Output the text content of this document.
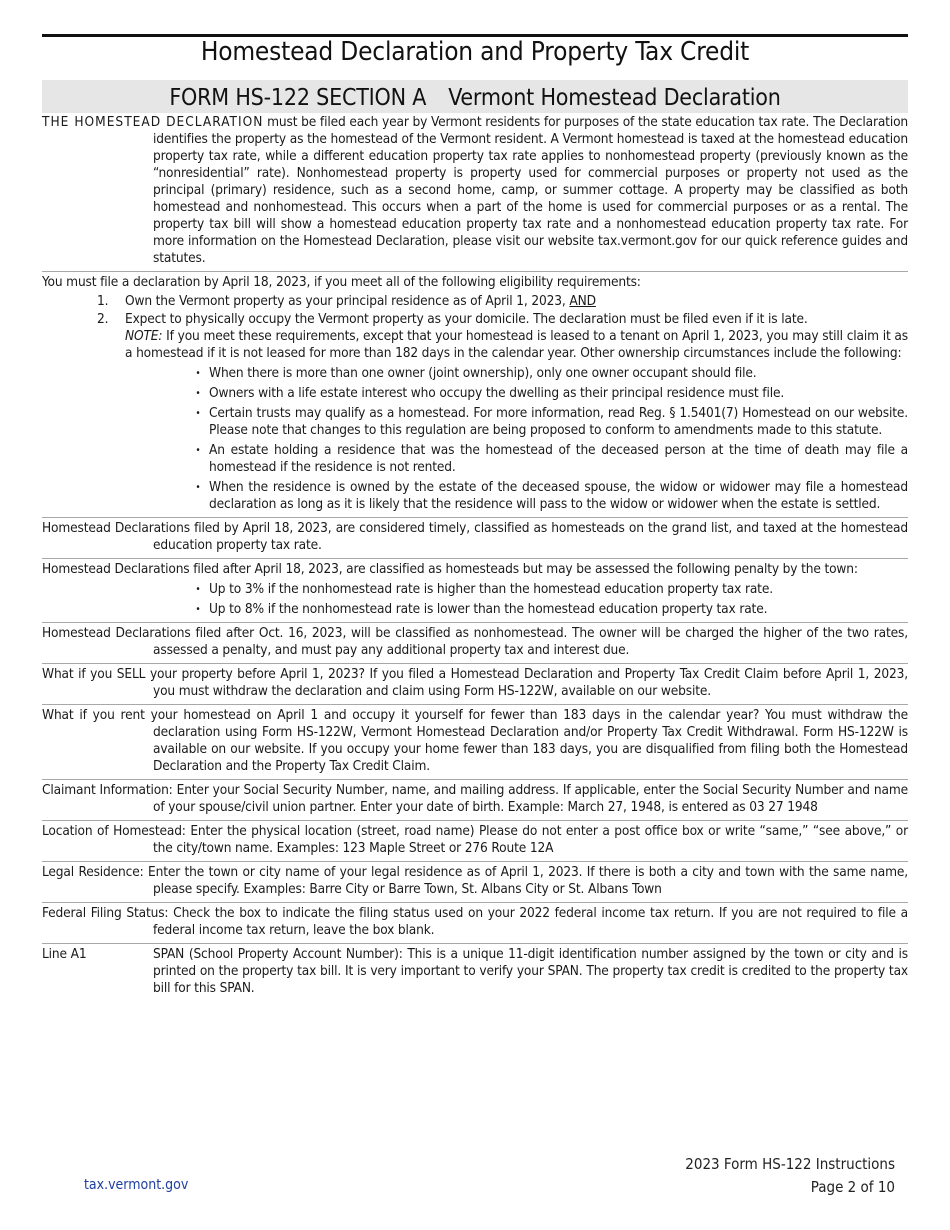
Homestead Declaration and Property Tax Credit
FORM HS-122 SECTION A Vermont Homestead Declaration
THE HOMESTEAD DECLARATION must be filed each year by Vermont residents for purposes of the state education tax rate. The Declaration identifies the property as the homestead of the Vermont resident. A Vermont homestead is taxed at the homestead education property tax rate, while a different education property tax rate applies to nonhomestead property (previously known as the “nonresidential” rate). Nonhomestead property is property used for commercial purposes or property not used as the principal (primary) residence, such as a second home, camp, or summer cottage. A property may be classified as both homestead and nonhomestead. This occurs when a part of the home is used for commercial purposes or as a rental. The property tax bill will show a homestead education property tax rate and a nonhomestead education property tax rate. For more information on the Homestead Declaration, please visit our website tax.vermont.gov for our quick reference guides and statutes.
You must file a declaration by April 18, 2023, if you meet all of the following eligibility requirements:
1.	Own the Vermont property as your principal residence as of April 1, 2023, AND
2.	Expect to physically occupy the Vermont property as your domicile. The declaration must be filed even if it is late.
NOTE: If you meet these requirements, except that your homestead is leased to a tenant on April 1, 2023, you may still claim it as a homestead if it is not leased for more than 182 days in the calendar year. Other ownership circumstances include the following:
• When there is more than one owner (joint ownership), only one owner occupant should file.
• Owners with a life estate interest who occupy the dwelling as their principal residence must file.
• Certain trusts may qualify as a homestead. For more information, read Reg. § 1.5401(7) Homestead on our website. Please note that changes to this regulation are being proposed to conform to amendments made to this statute.
• An estate holding a residence that was the homestead of the deceased person at the time of death may file a homestead if the residence is not rented.
• When the residence is owned by the estate of the deceased spouse, the widow or widower may file a homestead declaration as long as it is likely that the residence will pass to the widow or widower when the estate is settled.
Homestead Declarations filed by April 18, 2023, are considered timely, classified as homesteads on the grand list, and taxed at the homestead education property tax rate.
Homestead Declarations filed after April 18, 2023, are classified as homesteads but may be assessed the following penalty by the town:
• Up to 3% if the nonhomestead rate is higher than the homestead education property tax rate.
• Up to 8% if the nonhomestead rate is lower than the homestead education property tax rate.
Homestead Declarations filed after Oct. 16, 2023, will be classified as nonhomestead. The owner will be charged the higher of the two rates, assessed a penalty, and must pay any additional property tax and interest due.
What if you SELL your property before April 1, 2023? If you filed a Homestead Declaration and Property Tax Credit Claim before April 1, 2023, you must withdraw the declaration and claim using Form HS-122W, available on our website.
What if you rent your homestead on April 1 and occupy it yourself for fewer than 183 days in the calendar year? You must withdraw the declaration using Form HS-122W, Vermont Homestead Declaration and/or Property Tax Credit Withdrawal. Form HS-122W is available on our website. If you occupy your home fewer than 183 days, you are disqualified from filing both the Homestead Declaration and the Property Tax Credit Claim.
Claimant Information: Enter your Social Security Number, name, and mailing address. If applicable, enter the Social Security Number and name of your spouse/civil union partner. Enter your date of birth. Example: March 27, 1948, is entered as 03 27 1948
Location of Homestead: Enter the physical location (street, road name) Please do not enter a post office box or write “same,” “see above,” or the city/town name. Examples: 123 Maple Street or 276 Route 12A
Legal Residence: Enter the town or city name of your legal residence as of April 1, 2023. If there is both a city and town with the same name, please specify. Examples: Barre City or Barre Town, St. Albans City or St. Albans Town
Federal Filing Status: Check the box to indicate the filing status used on your 2022 federal income tax return. If you are not required to file a federal income tax return, leave the box blank.
Line A1	SPAN (School Property Account Number): This is a unique 11-digit identification number assigned by the town or city and is printed on the property tax bill. It is very important to verify your SPAN. The property tax credit is credited to the property tax bill for this SPAN.
tax.vermont.gov
2023 Form HS-122 Instructions
Page 2 of 10
